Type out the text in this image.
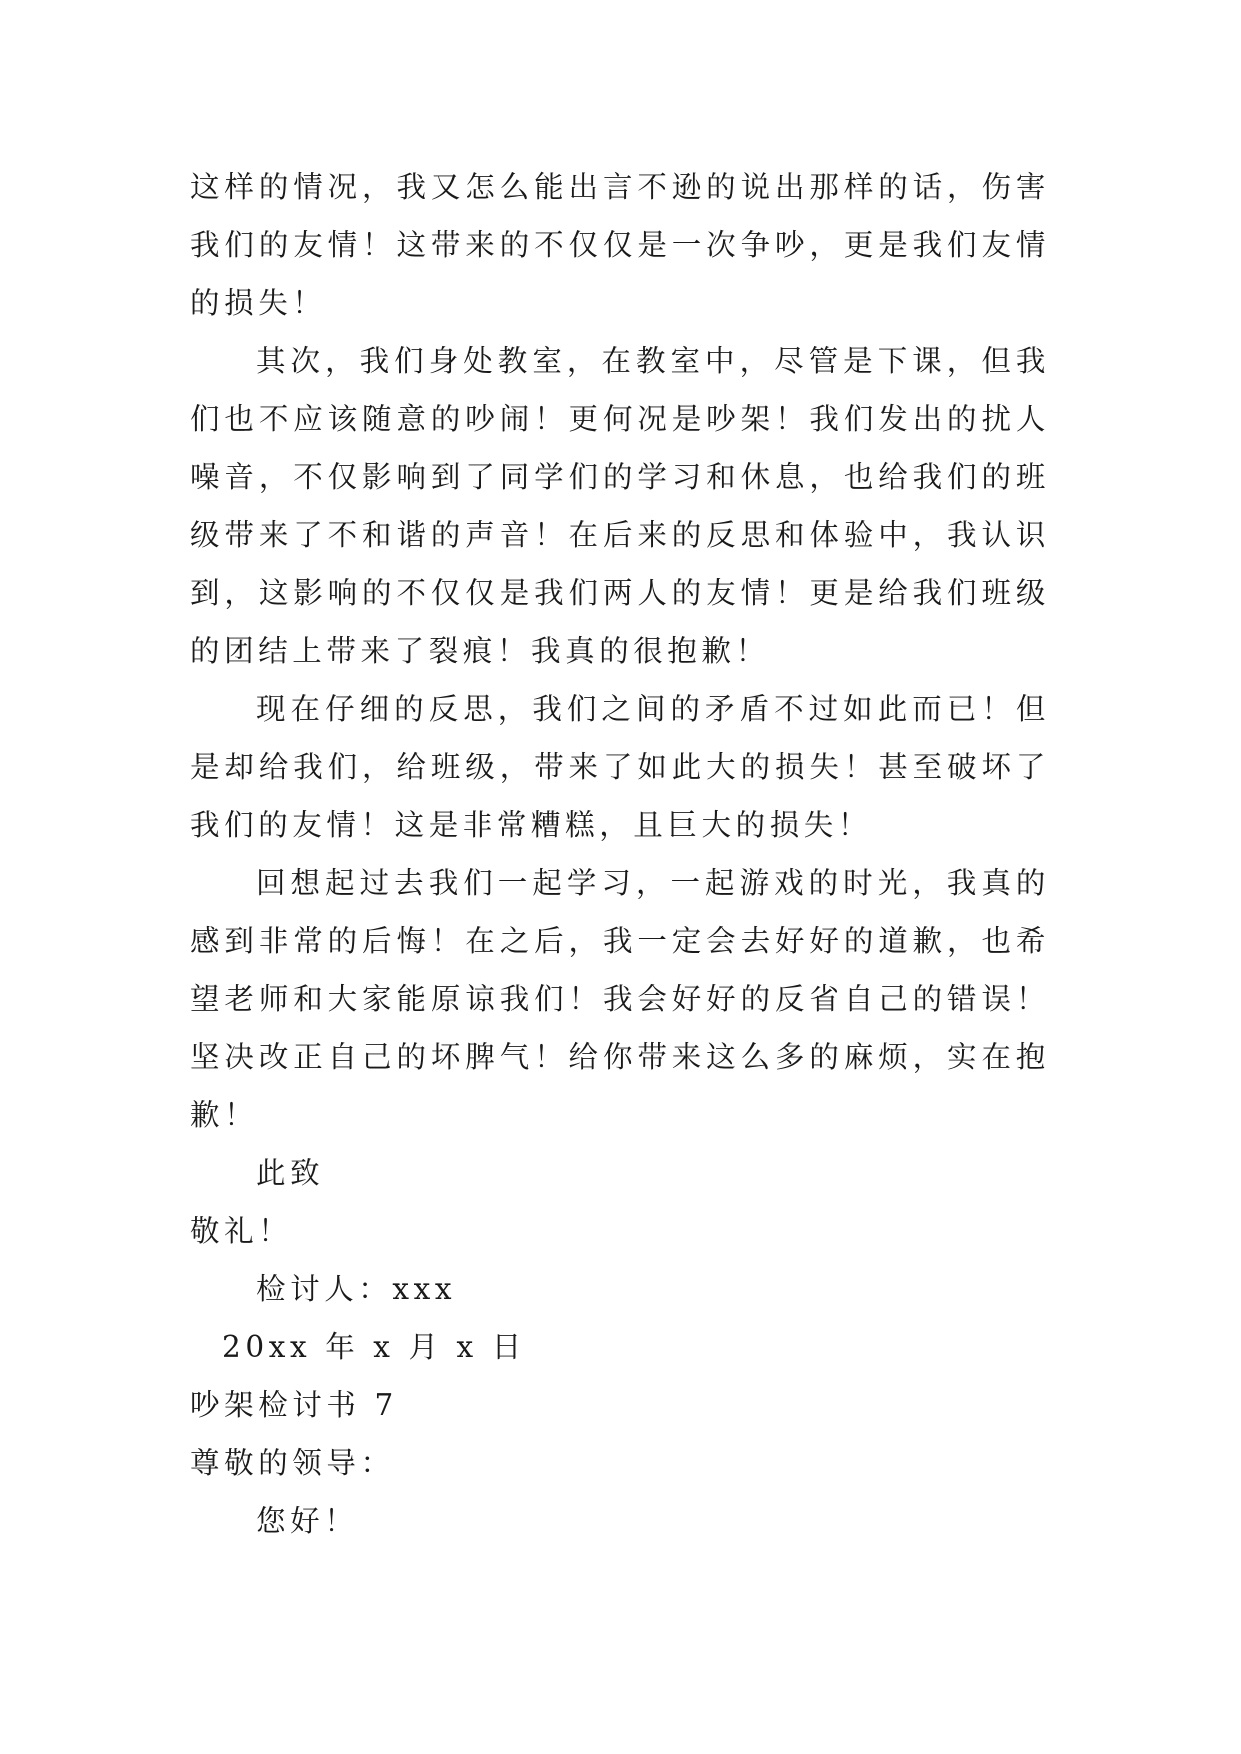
这样的情况，我又怎么能出言不逊的说出那样的话，伤害我们的友情！这带来的不仅仅是一次争吵，更是我们友情的损失！

其次，我们身处教室，在教室中，尽管是下课，但我们也不应该随意的吵闹！更何况是吵架！我们发出的扰人噪音，不仅影响到了同学们的学习和休息，也给我们的班级带来了不和谐的声音！在后来的反思和体验中，我认识到，这影响的不仅仅是我们两人的友情！更是给我们班级的团结上带来了裂痕！我真的很抱歉！

现在仔细的反思，我们之间的矛盾不过如此而已！但是却给我们，给班级，带来了如此大的损失！甚至破坏了我们的友情！这是非常糟糕，且巨大的损失！

回想起过去我们一起学习，一起游戏的时光，我真的感到非常的后悔！在之后，我一定会去好好的道歉，也希望老师和大家能原谅我们！我会好好的反省自己的错误！坚决改正自己的坏脾气！给你带来这么多的麻烦，实在抱歉！

此致
敬礼！
检讨人：xxx
20xx 年 x 月 x 日
吵架检讨书 7
尊敬的领导：
您好！
